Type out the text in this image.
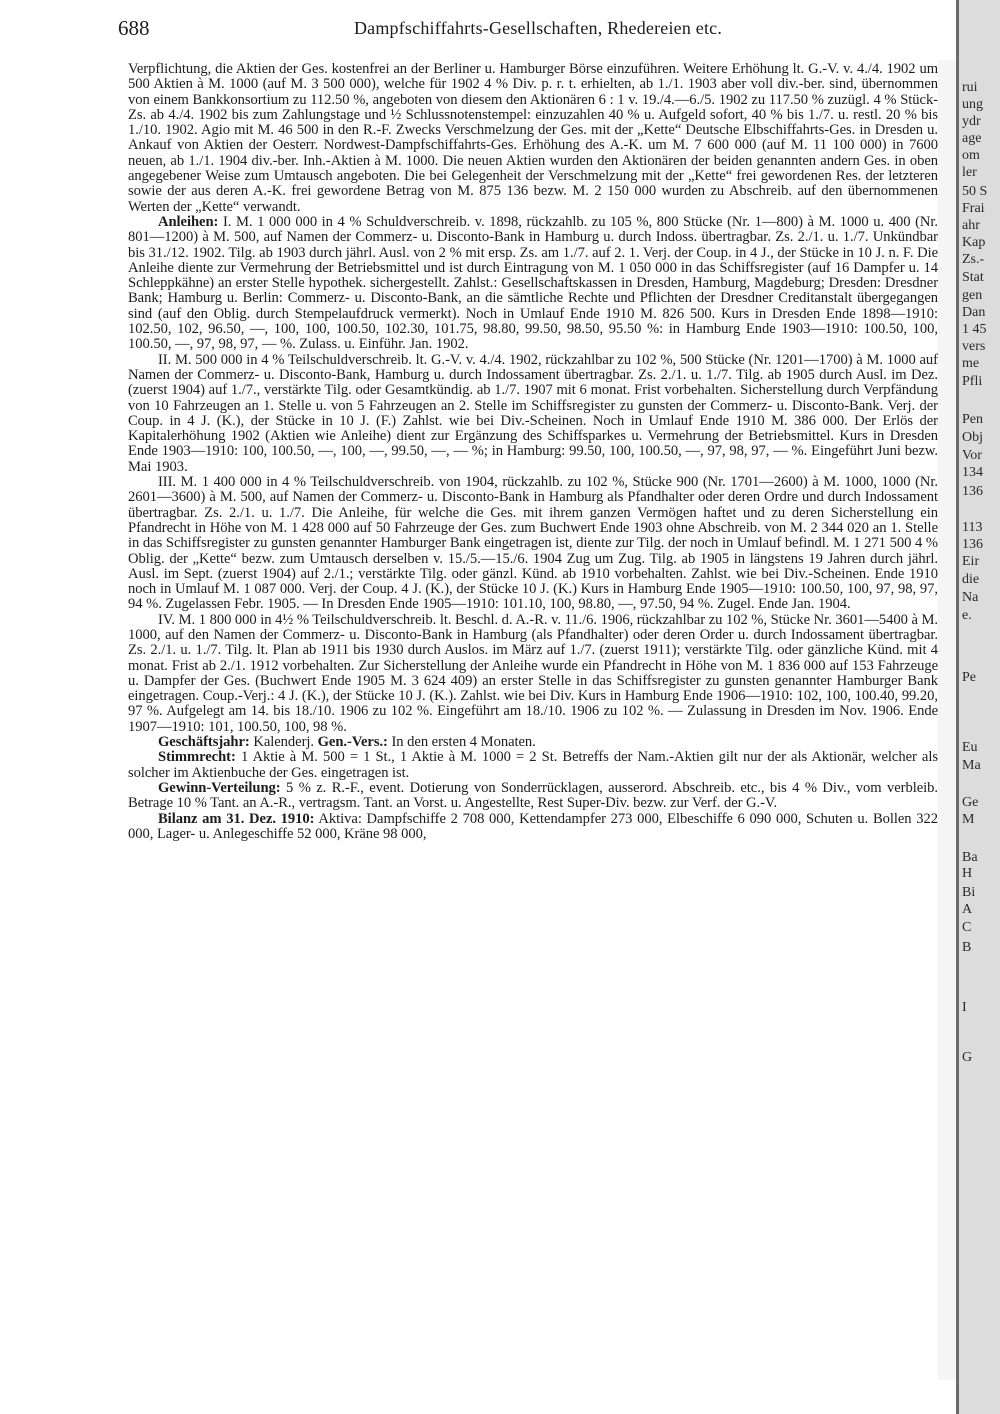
688	Dampfschiffahrts-Gesellschaften, Rhedereien etc.

Verpflichtung, die Aktien der Ges. kostenfrei an der Berliner u. Hamburger Börse einzuführen. Weitere Erhöhung lt. G.-V. v. 4./4. 1902 um 500 Aktien à M. 1000 (auf M. 3 500 000), welche für 1902 4 % Div. p. r. t. erhielten, ab 1./1. 1903 aber voll div.-ber. sind, übernommen von einem Bankkonsortium zu 112.50 %, angeboten von diesem den Aktionären 6 : 1 v. 19./4.—6./5. 1902 zu 117.50 % zuzügl. 4 % Stück-Zs. ab 4./4. 1902 bis zum Zahlungstage und ½ Schlussnotenstempel: einzuzahlen 40 % u. Aufgeld sofort, 40 % bis 1./7. u. restl. 20 % bis 1./10. 1902. Agio mit M. 46 500 in den R.-F. Zwecks Verschmelzung der Ges. mit der „Kette“ Deutsche Elbschiffahrts-Ges. in Dresden u. Ankauf von Aktien der Oesterr. Nordwest-Dampfschiffahrts-Ges. Erhöhung des A.-K. um M. 7 600 000 (auf M. 11 100 000) in 7600 neuen, ab 1./1. 1904 div.-ber. Inh.-Aktien à M. 1000. Die neuen Aktien wurden den Aktionären der beiden genannten andern Ges. in oben angegebener Weise zum Umtausch angeboten. Die bei Gelegenheit der Verschmelzung mit der „Kette“ frei gewordenen Res. der letzteren sowie der aus deren A.-K. frei gewordene Betrag von M. 875 136 bezw. M. 2 150 000 wurden zu Abschreib. auf den übernommenen Werten der „Kette“ verwandt.

Anleihen: I. M. 1 000 000 in 4 % Schuldverschreib. v. 1898, rückzahlb. zu 105 %, 800 Stücke (Nr. 1—800) à M. 1000 u. 400 (Nr. 801—1200) à M. 500, auf Namen der Commerz- u. Disconto-Bank in Hamburg u. durch Indoss. übertragbar. Zs. 2./1. u. 1./7. Unkündbar bis 31./12. 1902. Tilg. ab 1903 durch jährl. Ausl. von 2 % mit ersp. Zs. am 1./7. auf 2. 1. Verj. der Coup. in 4 J., der Stücke in 10 J. n. F. Die Anleihe diente zur Vermehrung der Betriebsmittel und ist durch Eintragung von M. 1 050 000 in das Schiffsregister (auf 16 Dampfer u. 14 Schleppkähne) an erster Stelle hypothek. sichergestellt. Zahlst.: Gesellschaftskassen in Dresden, Hamburg, Magdeburg; Dresden: Dresdner Bank; Hamburg u. Berlin: Commerz- u. Disconto-Bank, an die sämtliche Rechte und Pflichten der Dresdner Creditanstalt übergegangen sind (auf den Oblig. durch Stempelaufdruck vermerkt). Noch in Umlauf Ende 1910 M. 826 500. Kurs in Dresden Ende 1898—1910: 102.50, 102, 96.50, —, 100, 100, 100.50, 102.30, 101.75, 98.80, 99.50, 98.50, 95.50 %: in Hamburg Ende 1903—1910: 100.50, 100, 100.50, —, 97, 98, 97, — %. Zulass. u. Einführ. Jan. 1902.

II. M. 500 000 in 4 % Teilschuldverschreib. lt. G.-V. v. 4./4. 1902, rückzahlbar zu 102 %, 500 Stücke (Nr. 1201—1700) à M. 1000 auf Namen der Commerz- u. Disconto-Bank, Hamburg u. durch Indossament übertragbar. Zs. 2./1. u. 1./7. Tilg. ab 1905 durch Ausl. im Dez. (zuerst 1904) auf 1./7., verstärkte Tilg. oder Gesamtkündig. ab 1./7. 1907 mit 6 monat. Frist vorbehalten. Sicherstellung durch Verpfändung von 10 Fahrzeugen an 1. Stelle u. von 5 Fahrzeugen an 2. Stelle im Schiffsregister zu gunsten der Commerz- u. Disconto-Bank. Verj. der Coup. in 4 J. (K.), der Stücke in 10 J. (F.) Zahlst. wie bei Div.-Scheinen. Noch in Umlauf Ende 1910 M. 386 000. Der Erlös der Kapitalerhöhung 1902 (Aktien wie Anleihe) dient zur Ergänzung des Schiffsparkes u. Vermehrung der Betriebsmittel. Kurs in Dresden Ende 1903—1910: 100, 100.50, —, 100, —, 99.50, —, — %; in Hamburg: 99.50, 100, 100.50, —, 97, 98, 97, — %. Eingeführt Juni bezw. Mai 1903.

III. M. 1 400 000 in 4 % Teilschuldverschreib. von 1904, rückzahlb. zu 102 %, Stücke 900 (Nr. 1701—2600) à M. 1000, 1000 (Nr. 2601—3600) à M. 500, auf Namen der Commerz- u. Disconto-Bank in Hamburg als Pfandhalter oder deren Ordre und durch Indossament übertragbar. Zs. 2./1. u. 1./7. Die Anleihe, für welche die Ges. mit ihrem ganzen Vermögen haftet und zu deren Sicherstellung ein Pfandrecht in Höhe von M. 1 428 000 auf 50 Fahrzeuge der Ges. zum Buchwert Ende 1903 ohne Abschreib. von M. 2 344 020 an 1. Stelle in das Schiffsregister zu gunsten genannter Hamburger Bank eingetragen ist, diente zur Tilg. der noch in Umlauf befindl. M. 1 271 500 4 % Oblig. der „Kette“ bezw. zum Umtausch derselben v. 15./5.—15./6. 1904 Zug um Zug. Tilg. ab 1905 in längstens 19 Jahren durch jährl. Ausl. im Sept. (zuerst 1904) auf 2./1.; verstärkte Tilg. oder gänzl. Künd. ab 1910 vorbehalten. Zahlst. wie bei Div.-Scheinen. Ende 1910 noch in Umlauf M. 1 087 000. Verj. der Coup. 4 J. (K.), der Stücke 10 J. (K.) Kurs in Hamburg Ende 1905—1910: 100.50, 100, 97, 98, 97, 94 %. Zugelassen Febr. 1905. — In Dresden Ende 1905—1910: 101.10, 100, 98.80, —, 97.50, 94 %. Zugel. Ende Jan. 1904.

IV. M. 1 800 000 in 4½ % Teilschuldverschreib. lt. Beschl. d. A.-R. v. 11./6. 1906, rückzahlbar zu 102 %, Stücke Nr. 3601—5400 à M. 1000, auf den Namen der Commerz- u. Disconto-Bank in Hamburg (als Pfandhalter) oder deren Order u. durch Indossament übertragbar. Zs. 2./1. u. 1./7. Tilg. lt. Plan ab 1911 bis 1930 durch Auslos. im März auf 1./7. (zuerst 1911); verstärkte Tilg. oder gänzliche Künd. mit 4 monat. Frist ab 2./1. 1912 vorbehalten. Zur Sicherstellung der Anleihe wurde ein Pfandrecht in Höhe von M. 1 836 000 auf 153 Fahrzeuge u. Dampfer der Ges. (Buchwert Ende 1905 M. 3 624 409) an erster Stelle in das Schiffsregister zu gunsten genannter Hamburger Bank eingetragen. Coup.-Verj.: 4 J. (K.), der Stücke 10 J. (K.). Zahlst. wie bei Div. Kurs in Hamburg Ende 1906—1910: 102, 100, 100.40, 99.20, 97 %. Aufgelegt am 14. bis 18./10. 1906 zu 102 %. Eingeführt am 18./10. 1906 zu 102 %. — Zulassung in Dresden im Nov. 1906. Ende 1907—1910: 101, 100.50, 100, 98 %.

Geschäftsjahr: Kalenderj. Gen.-Vers.: In den ersten 4 Monaten.

Stimmrecht: 1 Aktie à M. 500 = 1 St., 1 Aktie à M. 1000 = 2 St. Betreffs der Nam.-Aktien gilt nur der als Aktionär, welcher als solcher im Aktienbuche der Ges. eingetragen ist.

Gewinn-Verteilung: 5 % z. R.-F., event. Dotierung von Sonderrücklagen, ausserord. Abschreib. etc., bis 4 % Div., vom verbleib. Betrage 10 % Tant. an A.-R., vertragsm. Tant. an Vorst. u. Angestellte, Rest Super-Div. bezw. zur Verf. der G.-V.

Bilanz am 31. Dez. 1910: Aktiva: Dampfschiffe 2 708 000, Kettendampfer 273 000, Elbeschiffe 6 090 000, Schuten u. Bollen 322 000, Lager- u. Anlegeschiffe 52 000, Kräne 98 000,

rui
ung
ydr
age
om
ler
50 S
Frai
ahr
Kap
Zs.-
Stat
gen
Dan
1 45
vers
me
Pfli
Pen
Obj
Vor
134
136
113
136
Eir
die
Na
e.
Pe
Eu
Ma
Ge
M
Ba
H
Bi
A
C
B
I
G
